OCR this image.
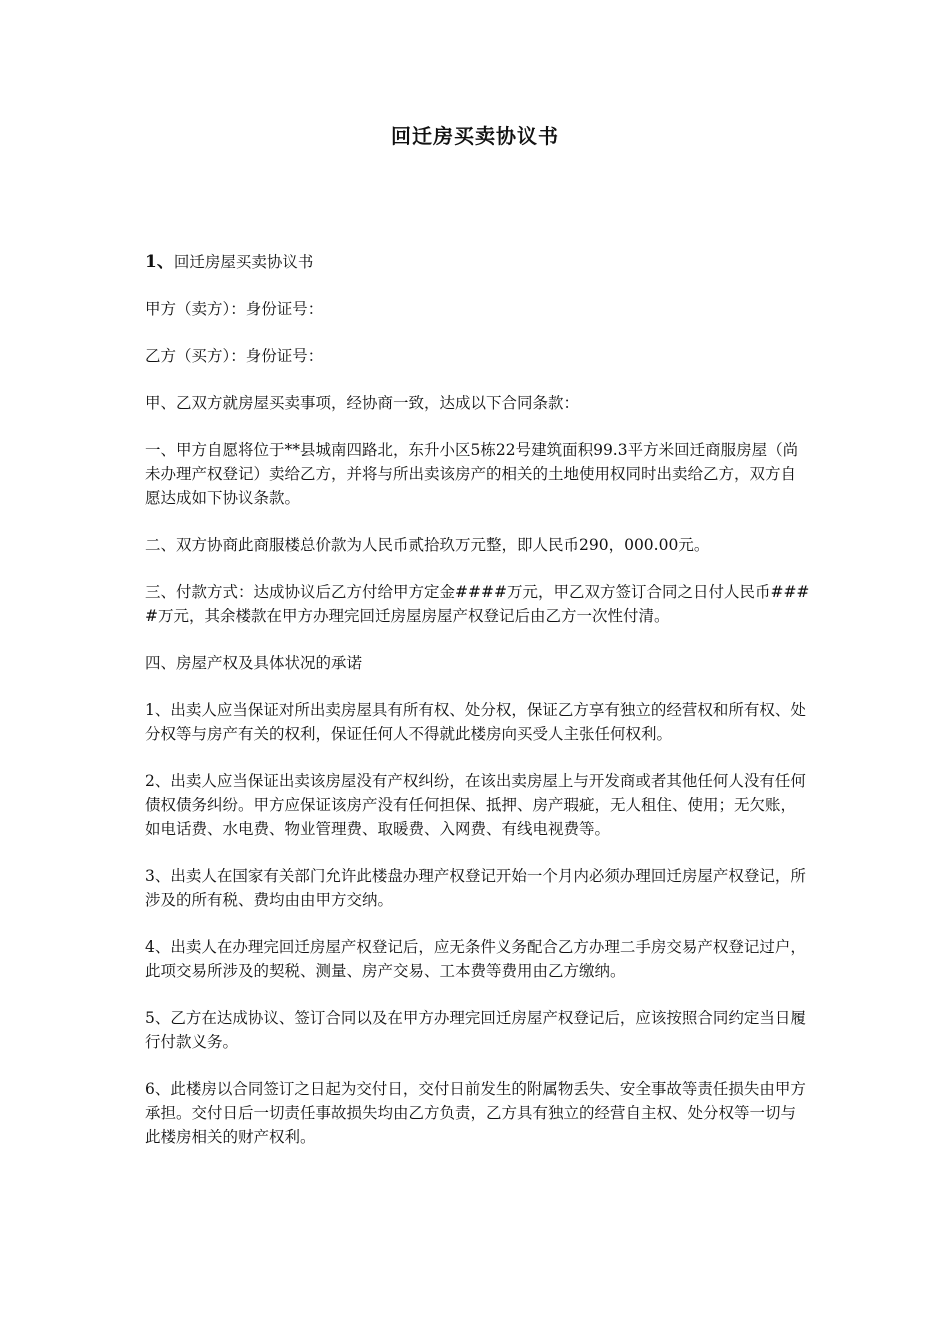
回迁房买卖协议书

1、回迁房屋买卖协议书

甲方（卖方）：身份证号：

乙方（买方）：身份证号：

甲、乙双方就房屋买卖事项，经协商一致，达成以下合同条款：

一、甲方自愿将位于**县城南四路北，东升小区5栋22号建筑面积99.3平方米回迁商服房屋（尚未办理产权登记）卖给乙方，并将与所出卖该房产的相关的土地使用权同时出卖给乙方，双方自愿达成如下协议条款。

二、双方协商此商服楼总价款为人民币贰拾玖万元整，即人民币290，000.00元。

三、付款方式：达成协议后乙方付给甲方定金####万元，甲乙双方签订合同之日付人民币####万元，其余楼款在甲方办理完回迁房屋房屋产权登记后由乙方一次性付清。

四、房屋产权及具体状况的承诺

1、出卖人应当保证对所出卖房屋具有所有权、处分权，保证乙方享有独立的经营权和所有权、处分权等与房产有关的权利，保证任何人不得就此楼房向买受人主张任何权利。

2、出卖人应当保证出卖该房屋没有产权纠纷，在该出卖房屋上与开发商或者其他任何人没有任何债权债务纠纷。甲方应保证该房产没有任何担保、抵押、房产瑕疵，无人租住、使用；无欠账，如电话费、水电费、物业管理费、取暖费、入网费、有线电视费等。

3、出卖人在国家有关部门允许此楼盘办理产权登记开始一个月内必须办理回迁房屋产权登记，所涉及的所有税、费均由由甲方交纳。

4、出卖人在办理完回迁房屋产权登记后，应无条件义务配合乙方办理二手房交易产权登记过户，此项交易所涉及的契税、测量、房产交易、工本费等费用由乙方缴纳。

5、乙方在达成协议、签订合同以及在甲方办理完回迁房屋产权登记后，应该按照合同约定当日履行付款义务。

6、此楼房以合同签订之日起为交付日，交付日前发生的附属物丢失、安全事故等责任损失由甲方承担。交付日后一切责任事故损失均由乙方负责，乙方具有独立的经营自主权、处分权等一切与此楼房相关的财产权利。
